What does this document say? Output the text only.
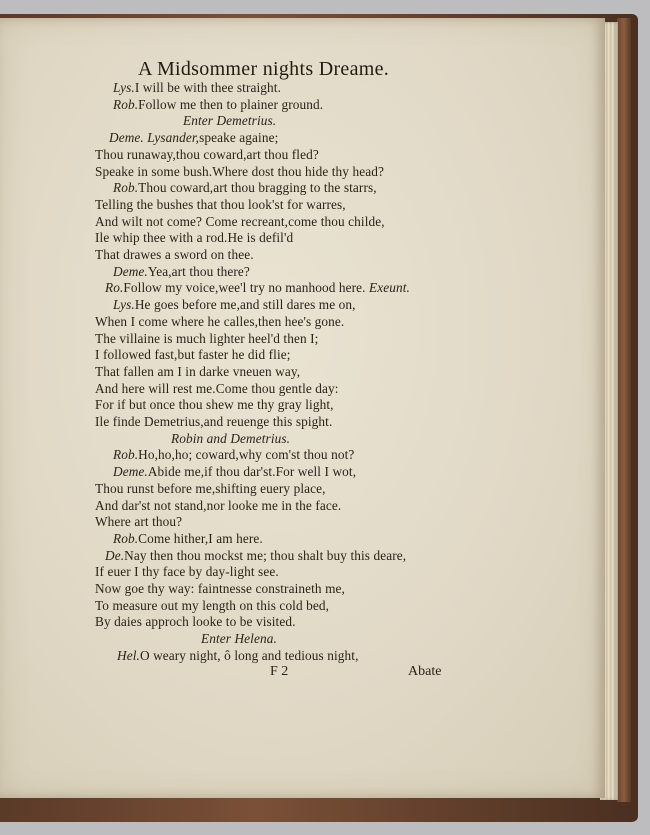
A Midsommer nights Dreame.
Lys.I will be with thee straight.
Rob.Follow me then to plainer ground.
Enter Demetrius.
Deme. Lysander,speake againe;
Thou runaway,thou coward,art thou fled?
Speake in some bush.Where dost thou hide thy head?
Rob.Thou coward,art thou bragging to the starrs,
Telling the bushes that thou look'st for warres,
And wilt not come? Come recreant,come thou childe,
Ile whip thee with a rod.He is defil'd
That drawes a sword on thee.
Deme.Yea,art thou there?
Ro.Follow my voice,wee'l try no manhood here. Exeunt.
Lys.He goes before me,and still dares me on,
When I come where he calles,then hee's gone.
The villaine is much lighter heel'd then I;
I followed fast,but faster he did flie;
That fallen am I in darke vneuen way,
And here will rest me.Come thou gentle day:
For if but once thou shew me thy gray light,
Ile finde Demetrius,and reuenge this spight.
Robin and Demetrius.
Rob.Ho,ho,ho; coward,why com'st thou not?
Deme.Abide me,if thou dar'st.For well I wot,
Thou runst before me,shifting euery place,
And dar'st not stand,nor looke me in the face.
Where art thou?
Rob.Come hither,I am here.
De.Nay then thou mockst me; thou shalt buy this deare,
If euer I thy face by day-light see.
Now goe thy way: faintnesse constraineth me,
To measure out my length on this cold bed,
By daies approch looke to be visited.
Enter Helena.
Hel.O weary night, ô long and tedious night,
F 2	Abate
